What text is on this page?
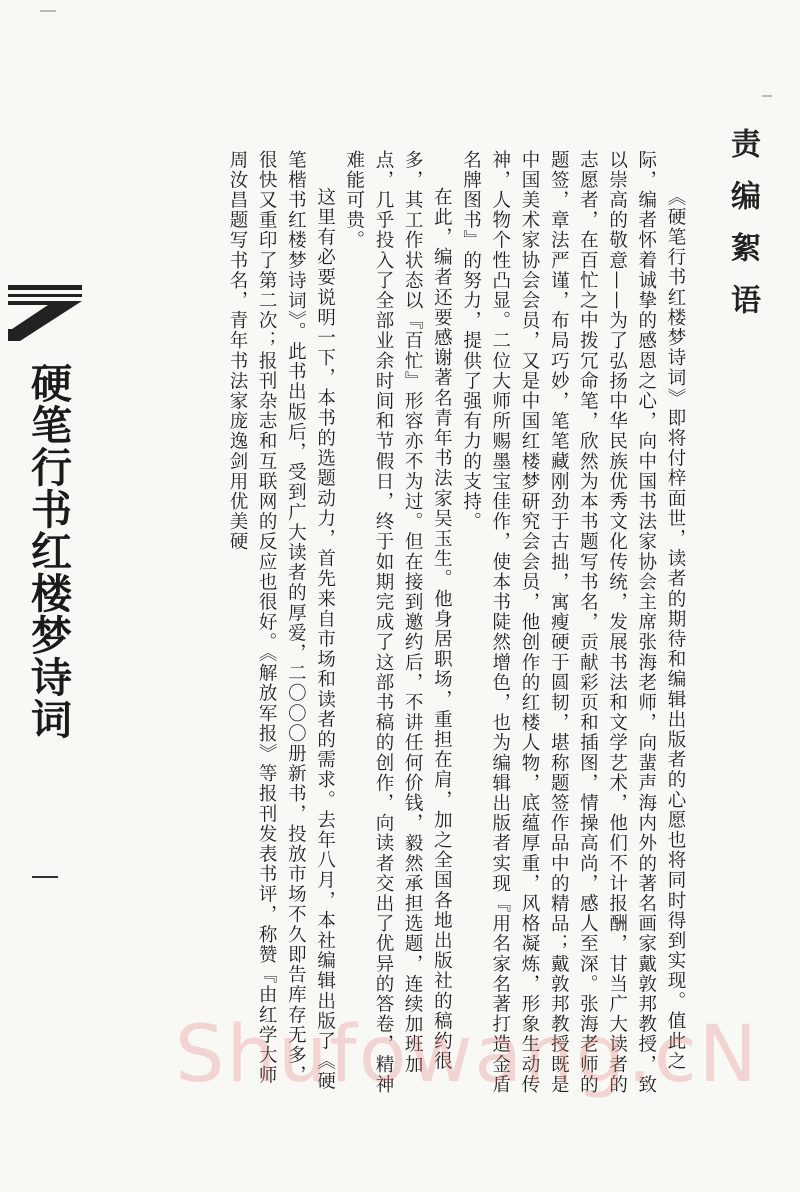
责编絮语

《硬笔行书红楼梦诗词》即将付梓面世，读者的期待和编辑出版者的心愿也将同时得到实现。值此之际，编者怀着诚挚的感恩之心，向中国书法家协会主席张海老师，向蜚声海内外的著名画家戴敦邦教授，致以崇高的敬意——为了弘扬中华民族优秀文化传统，发展书法和文学艺术，他们不计报酬，甘当广大读者的志愿者，在百忙之中拨冗命笔，欣然为本书题写书名，贡献彩页和插图，情操高尚，感人至深。张海老师的题签，章法严谨，布局巧妙，笔笔藏刚劲于古拙，寓瘦硬于圆韧，堪称题签作品中的精品；戴敦邦教授既是中国美术家协会会员，又是中国红楼梦研究会会员，他创作的红楼人物，底蕴厚重，风格凝炼，形象生动传神，人物个性凸显。二位大师所赐墨宝佳作，使本书陡然增色，也为编辑出版者实现『用名家名著打造金盾名牌图书』的努力，提供了强有力的支持。

在此，编者还要感谢著名青年书法家吴玉生。他身居职场，重担在肩，加之全国各地出版社的稿约很多，其工作状态以『百忙』形容亦不为过。但在接到邀约后，不讲任何价钱，毅然承担选题，连续加班加点，几乎投入了全部业余时间和节假日，终于如期完成了这部书稿的创作，向读者交出了优异的答卷，精神难能可贵。

这里有必要说明一下，本书的选题动力，首先来自市场和读者的需求。去年八月，本社编辑出版了《硬笔楷书红楼梦诗词》。此书出版后，受到广大读者的厚爱，二〇〇〇册新书，投放市场不久即告库存无多，很快又重印了第二次；报刊杂志和互联网的反应也很好。《解放军报》等报刊发表书评，称赞『由红学大师周汝昌题写书名，青年书法家庞逸剑用优美硬

硬笔行书红楼梦诗词
Shufowang.cN
